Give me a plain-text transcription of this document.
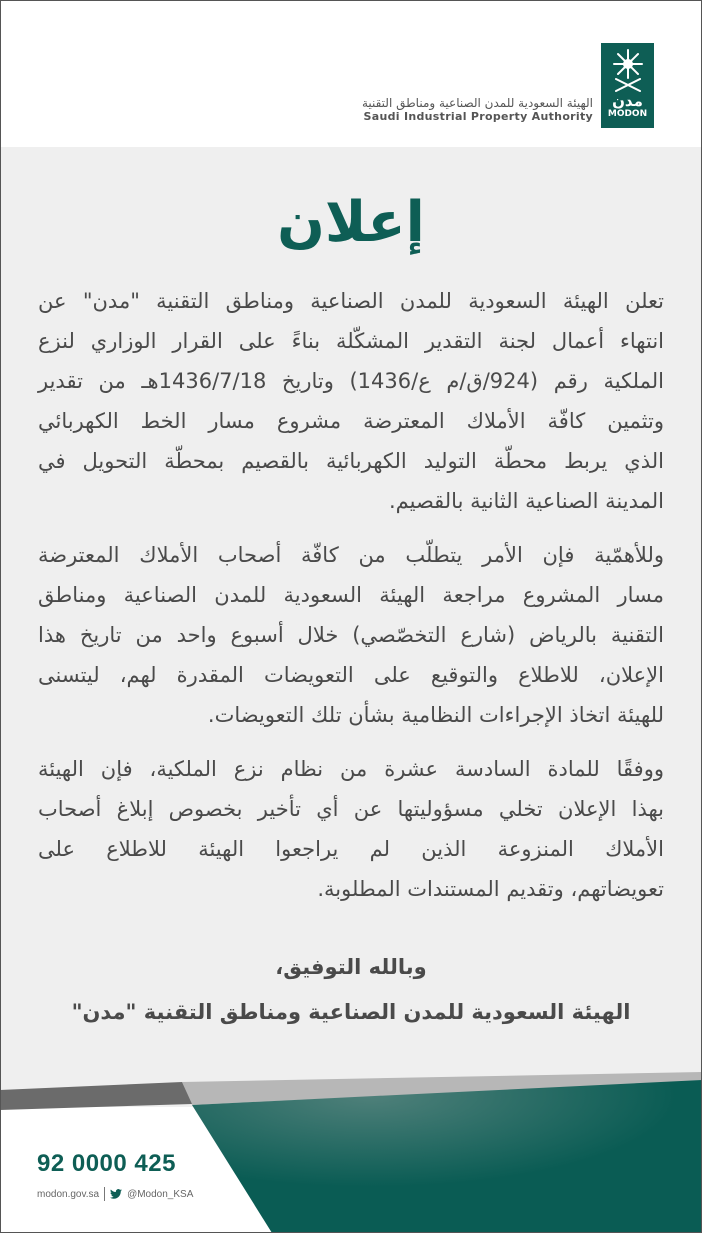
مدن
MODON
الهيئة السعودية للمدن الصناعية ومناطق التقنية
Saudi Industrial Property Authority
إعلان
تعلن الهيئة السعودية للمدن الصناعية ومناطق التقنية "مدن" عن
انتهاء أعمال لجنة التقدير المشكّلة بناءً على القرار الوزاري لنزع
الملكية رقم (924/ق/م ع/1436) وتاريخ 1436/7/18هـ من تقدير
وتثمين كافّة الأملاك المعترضة مشروع مسار الخط الكهربائي
الذي يربط محطّة التوليد الكهربائية بالقصيم بمحطّة التحويل في
المدينة الصناعية الثانية بالقصيم.
وللأهمّية فإن الأمر يتطلّب من كافّة أصحاب الأملاك المعترضة
مسار المشروع مراجعة الهيئة السعودية للمدن الصناعية ومناطق
التقنية بالرياض (شارع التخصّصي) خلال أسبوع واحد من تاريخ هذا
الإعلان، للاطلاع والتوقيع على التعويضات المقدرة لهم، ليتسنى
للهيئة اتخاذ الإجراءات النظامية بشأن تلك التعويضات.
ووفقًا للمادة السادسة عشرة من نظام نزع الملكية، فإن الهيئة
بهذا الإعلان تخلي مسؤوليتها عن أي تأخير بخصوص إبلاغ أصحاب
الأملاك المنزوعة الذين لم يراجعوا الهيئة للاطلاع على
تعويضاتهم، وتقديم المستندات المطلوبة.
وبالله التوفيق،
الهيئة السعودية للمدن الصناعية ومناطق التقنية "مدن"
92 0000 425
modon.gov.sa	@Modon_KSA
